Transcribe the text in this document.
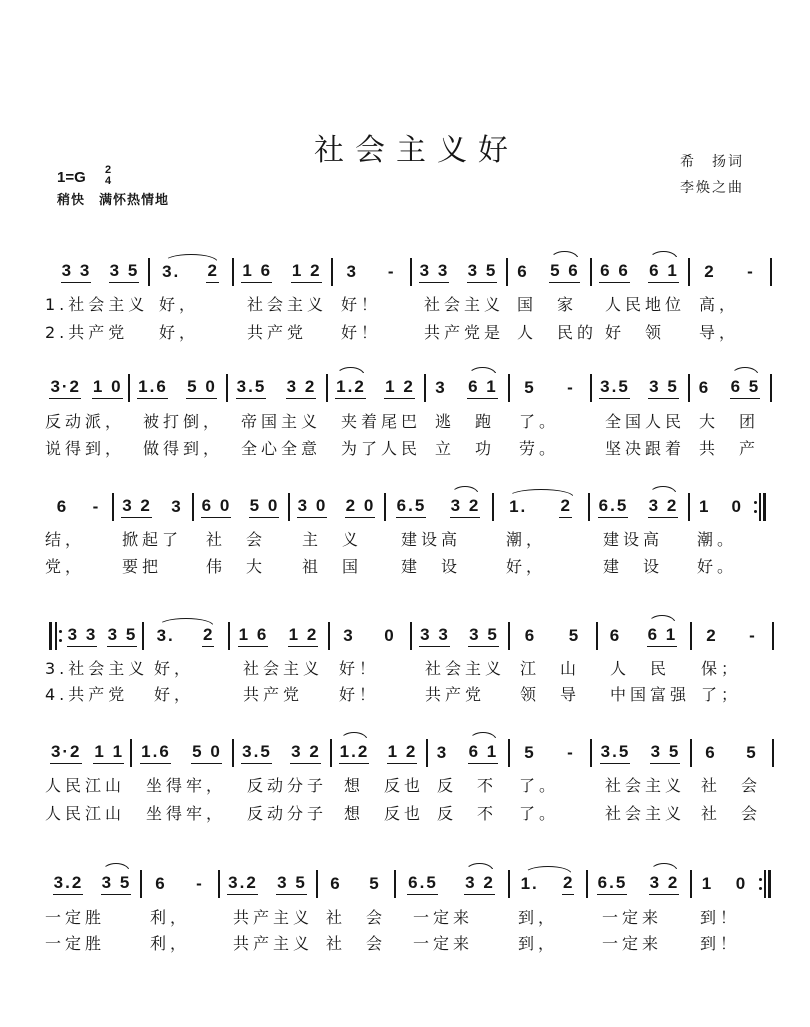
社会主义好	希　扬词
李焕之曲
1=G 2
4
稍快 满怀热情地
3 3 3 5
1.社会主义
2.共产党
3. 2
好，
好，
1 6 1 2
社会主义
共产党
3 -
好！
好！
3 3 3 5
社会主义
共产党是
6 5 6
国　家
人　民的
6 6 6 1
人民地位
好　领
2 -
高，
导，
3·2 1 0
反动派，
说得到，
1.6 5 0
被打倒，
做得到，
3.5 3 2
帝国主义
全心全意
1.2 1 2
夹着尾巴
为了人民
3 6 1
逃　跑
立　功
5 -
了。
劳。
3.5 3 5
全国人民
坚决跟着
6 6 5
大　团
共　产
6 -
结，
党，
3 2 3
掀起了
要把
6 0 5 0
社　会
伟　大
3 0 2 0
主　义
祖　国
6.5 3 2
建设高
建　设
1. 2
潮，
好，
6.5 3 2
建设高
建　设
1 0
潮。
好。
3 3 3 5
3.社会主义
4.共产党
3. 2
好，
好，
1 6 1 2
社会主义
共产党
3 0
好！
好！
3 3 3 5
社会主义
共产党
6 5
江　山
领　导
6 6 1
人　民
中国富强
2 -
保；
了；
3·2 1 1
人民江山
人民江山
1.6 5 0
坐得牢，
坐得牢，
3.5 3 2
反动分子
反动分子
1.2 1 2
想　反也
想　反也
3 6 1
反　不
反　不
5 -
了。
了。
3.5 3 5
社会主义
社会主义
6 5
社　会
社　会
3.2 3 5
一定胜
一定胜
6 -
利，
利，
3.2 3 5
共产主义
共产主义
6 5
社　会
社　会
6.5 3 2
一定来
一定来
1. 2
到，
到，
6.5 3 2
一定来
一定来
1 0
到！
到！
